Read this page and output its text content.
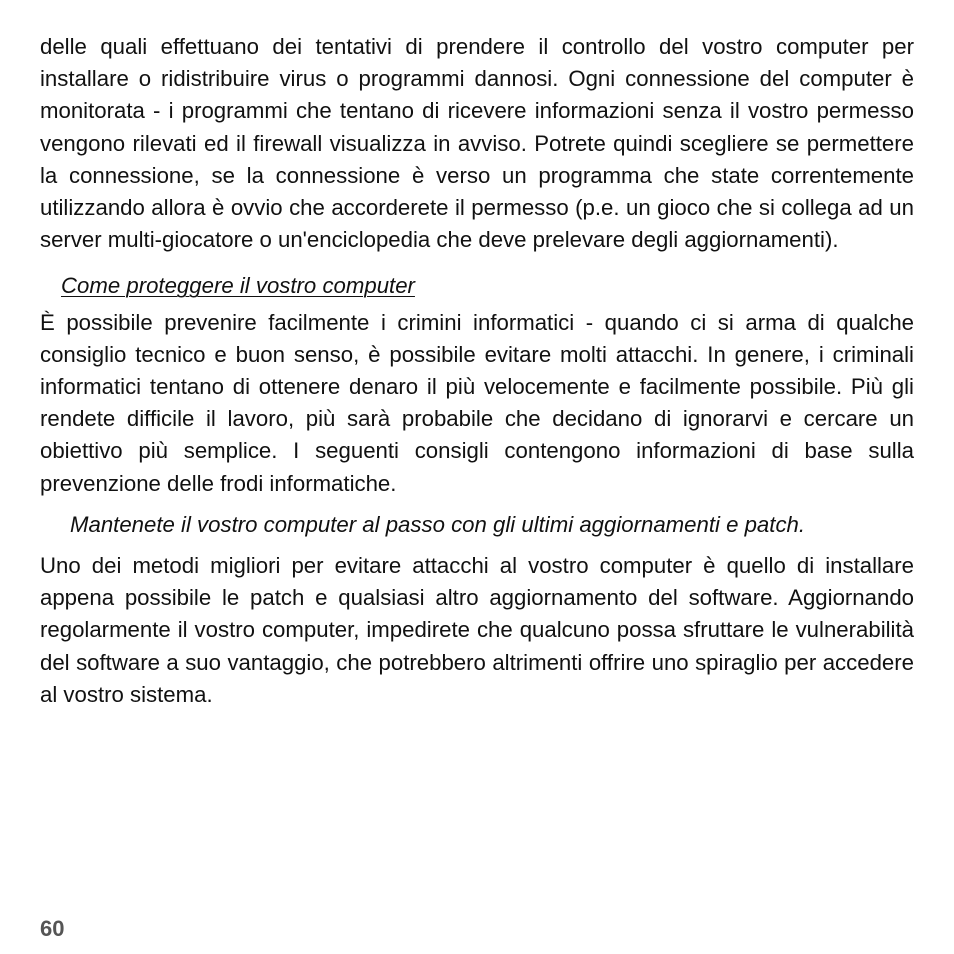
delle quali effettuano dei tentativi di prendere il controllo del vostro computer per installare o ridistribuire virus o programmi dannosi. Ogni connessione del computer è monitorata - i programmi che tentano di ricevere informazioni senza il vostro permesso vengono rilevati ed il firewall visualizza in avviso. Potrete quindi scegliere se permettere la connessione, se la connessione è verso un programma che state correntemente utilizzando allora è ovvio che accorderete il permesso (p.e. un gioco che si collega ad un server multi-giocatore o un'enciclopedia che deve prelevare degli aggiornamenti).

Come proteggere il vostro computer

È possibile prevenire facilmente i crimini informatici - quando ci si arma di qualche consiglio tecnico e buon senso, è possibile evitare molti attacchi. In genere, i criminali informatici tentano di ottenere denaro il più velocemente e facilmente possibile. Più gli rendete difficile il lavoro, più sarà probabile che decidano di ignorarvi e cercare un obiettivo più semplice. I seguenti consigli contengono informazioni di base sulla prevenzione delle frodi informatiche.

Mantenete il vostro computer al passo con gli ultimi aggiornamenti e patch.

Uno dei metodi migliori per evitare attacchi al vostro computer è quello di installare appena possibile le patch e qualsiasi altro aggiornamento del software. Aggiornando regolarmente il vostro computer, impedirete che qualcuno possa sfruttare le vulnerabilità del software a suo vantaggio, che potrebbero altrimenti offrire uno spiraglio per accedere al vostro sistema.

60
